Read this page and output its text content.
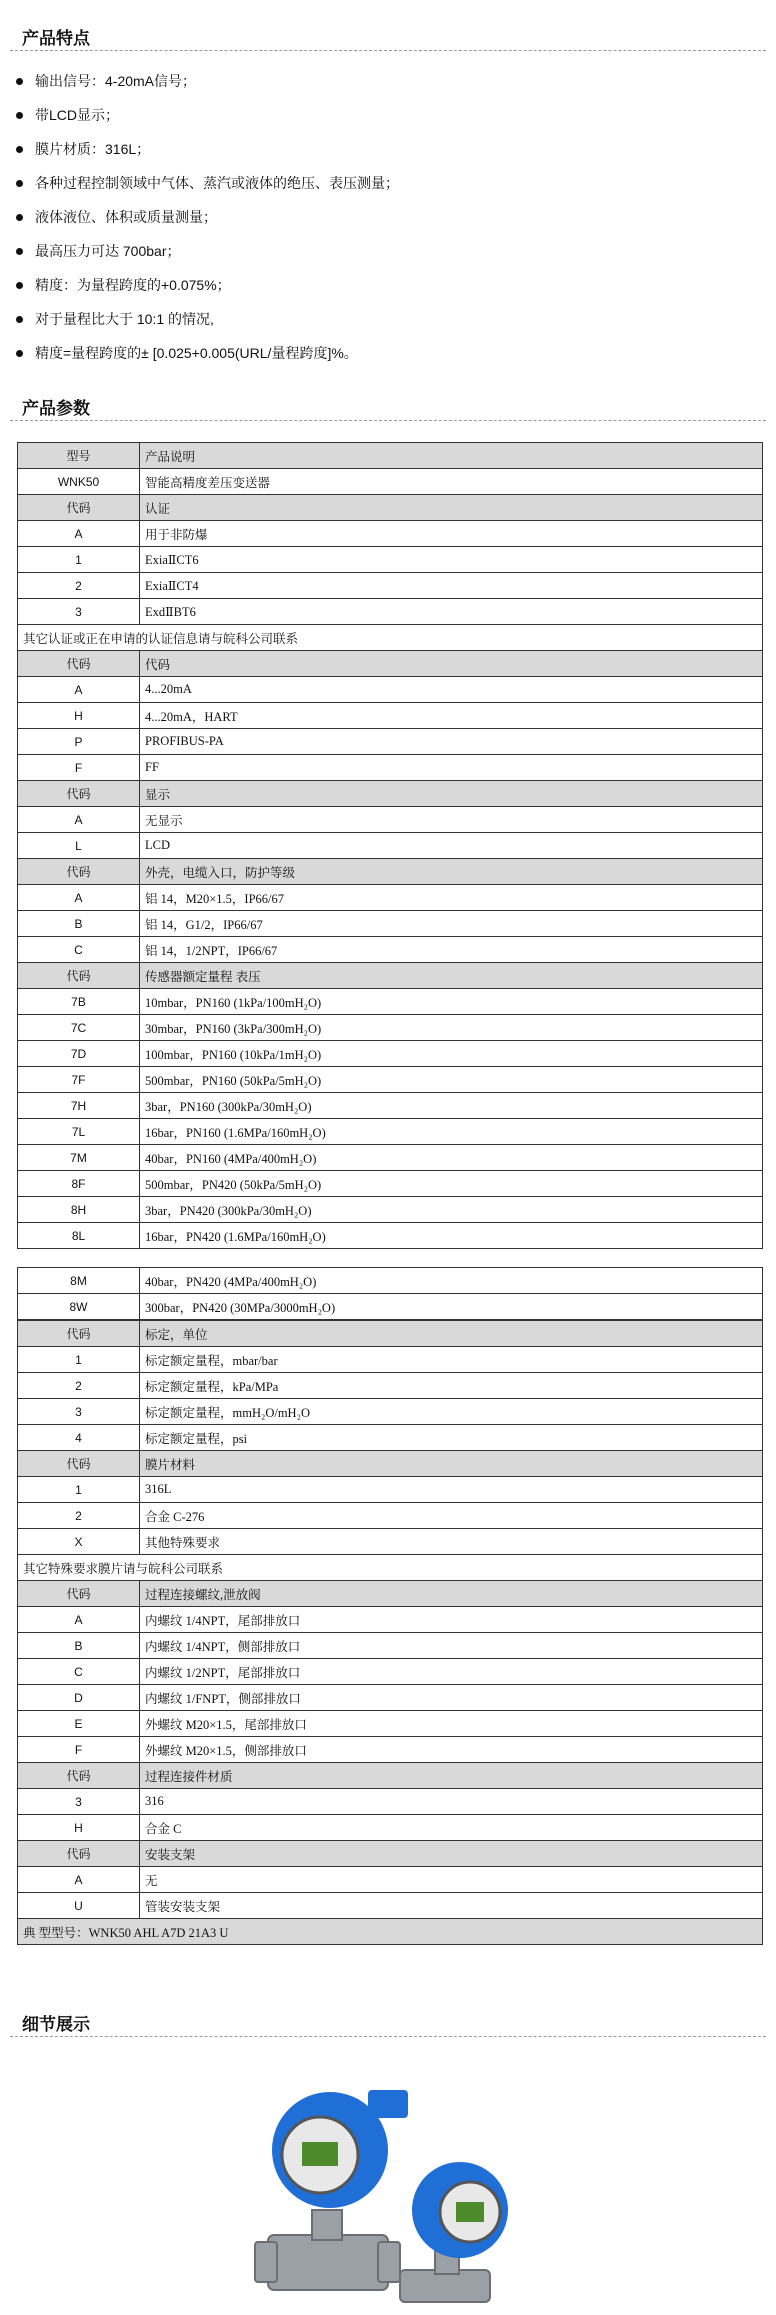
产品特点
输出信号：4-20mA信号；
带LCD显示；
膜片材质：316L；
各种过程控制领域中气体、蒸汽或液体的绝压、表压测量；
液体液位、体积或质量测量；
最高压力可达 700bar；
精度：为量程跨度的+0.075%；
对于量程比大于 10:1 的情况,
精度=量程跨度的± [0.025+0.005(URL/量程跨度]%。
产品参数
型号	产品说明
WNK50	智能高精度差压变送器
代码	认证
A	用于非防爆
1	ExiaⅡCT6
2	ExiaⅡCT4
3	ExdⅡBT6
其它认证或正在申请的认证信息请与皖科公司联系	
代码	代码
A	4...20mA
H	4...20mA，HART
P	PROFIBUS-PA
F	FF
代码	显示
A	无显示
L	LCD
代码	外壳，电缆入口，防护等级
A	铝 14，M20×1.5，IP66/67
B	铝 14，G1/2，IP66/67
C	铝 14，1/2NPT，IP66/67
代码	传感器额定量程 表压
7B	10mbar，PN160 (1kPa/100mH₂O)
7C	30mbar，PN160 (3kPa/300mH₂O)
7D	100mbar，PN160 (10kPa/1mH₂O)
7F	500mbar，PN160 (50kPa/5mH₂O)
7H	3bar，PN160 (300kPa/30mH₂O)
7L	16bar，PN160 (1.6MPa/160mH₂O)
7M	40bar，PN160 (4MPa/400mH₂O)
8F	500mbar，PN420 (50kPa/5mH₂O)
8H	3bar，PN420 (300kPa/30mH₂O)
8L	16bar，PN420 (1.6MPa/160mH₂O)
8M	40bar，PN420 (4MPa/400mH₂O)
8W	300bar，PN420 (30MPa/3000mH₂O)
代码	标定，单位
1	标定额定量程，mbar/bar
2	标定额定量程，kPa/MPa
3	标定额定量程，mmH₂O/mH₂O
4	标定额定量程，psi
代码	膜片材料
1	316L
2	合金 C-276
X	其他特殊要求
其它特殊要求膜片请与皖科公司联系	
代码	过程连接螺纹,泄放阀
A	内螺纹 1/4NPT，尾部排放口
B	内螺纹 1/4NPT，侧部排放口
C	内螺纹 1/2NPT，尾部排放口
D	内螺纹 1/FNPT，侧部排放口
E	外螺纹 M20×1.5，尾部排放口
F	外螺纹 M20×1.5，侧部排放口
代码	过程连接件材质
3	316
H	合金 C
代码	安装支架
A	无
U	管装安装支架
典 型型号：WNK50 AHL A7D 21A3 U	
细节展示
